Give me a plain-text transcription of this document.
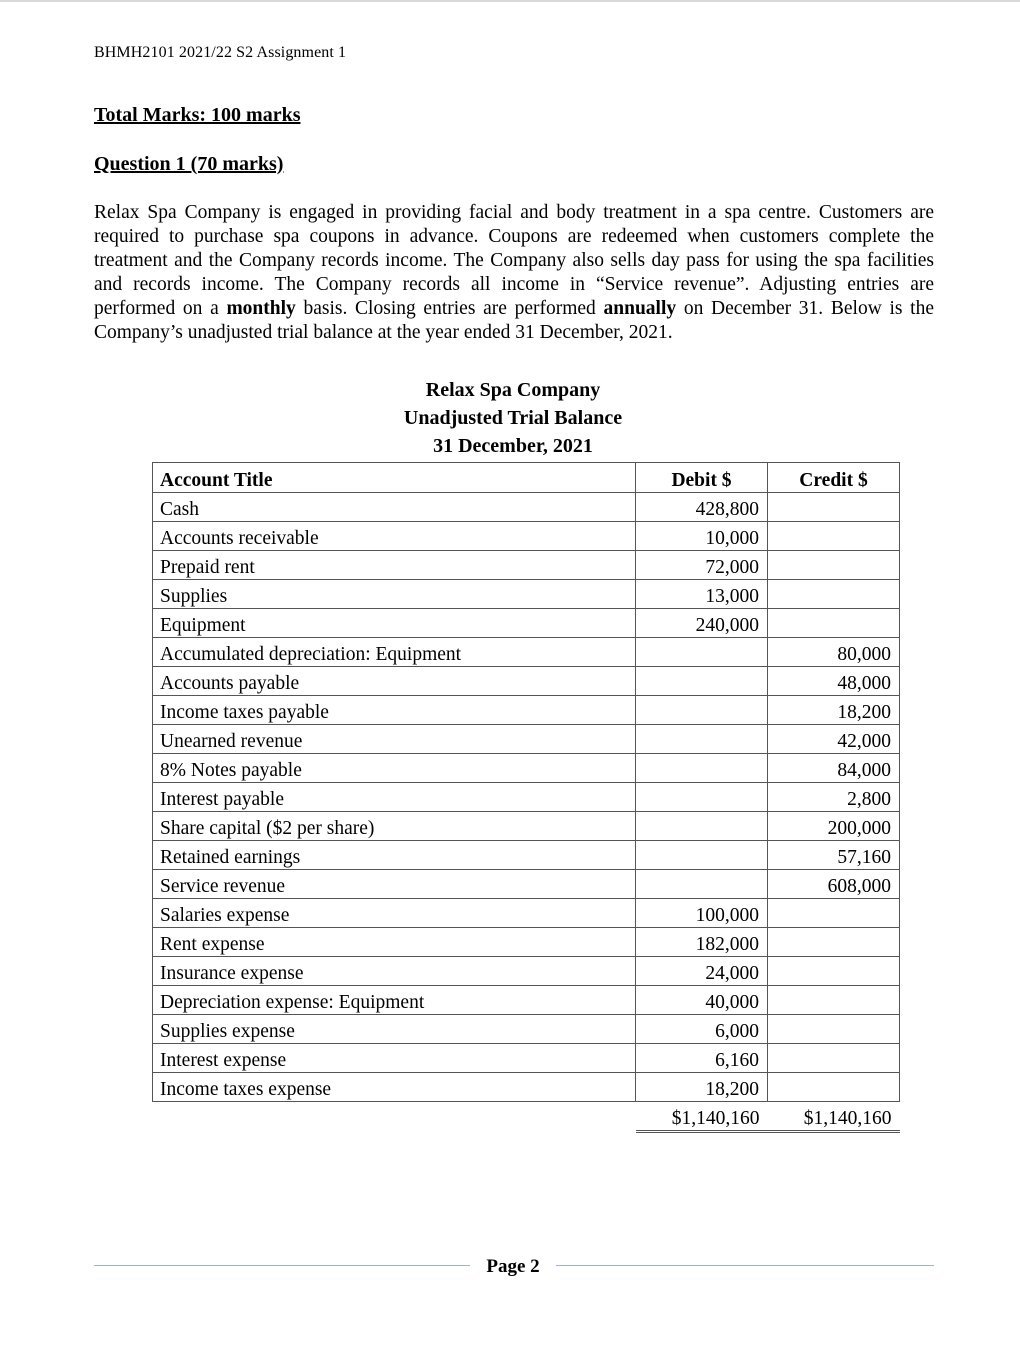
BHMH2101 2021/22 S2 Assignment 1
Total Marks: 100 marks
Question 1 (70 marks)
Relax Spa Company is engaged in providing facial and body treatment in a spa centre. Customers are required to purchase spa coupons in advance. Coupons are redeemed when customers complete the treatment and the Company records income. The Company also sells day pass for using the spa facilities and records income. The Company records all income in “Service revenue”. Adjusting entries are performed on a monthly basis. Closing entries are performed annually on December 31. Below is the Company’s unadjusted trial balance at the year ended 31 December, 2021.
Relax Spa Company
Unadjusted Trial Balance
31 December, 2021
Account Title	Debit $	Credit $
Cash	428,800	
Accounts receivable	10,000	
Prepaid rent	72,000	
Supplies	13,000	
Equipment	240,000	
Accumulated depreciation: Equipment		80,000
Accounts payable		48,000
Income taxes payable		18,200
Unearned revenue		42,000
8% Notes payable		84,000
Interest payable		2,800
Share capital ($2 per share)		200,000
Retained earnings		57,160
Service revenue		608,000
Salaries expense	100,000	
Rent expense	182,000	
Insurance expense	24,000	
Depreciation expense: Equipment	40,000	
Supplies expense	6,000	
Interest expense	6,160	
Income taxes expense	18,200	
	$1,140,160	$1,140,160
Page 2
